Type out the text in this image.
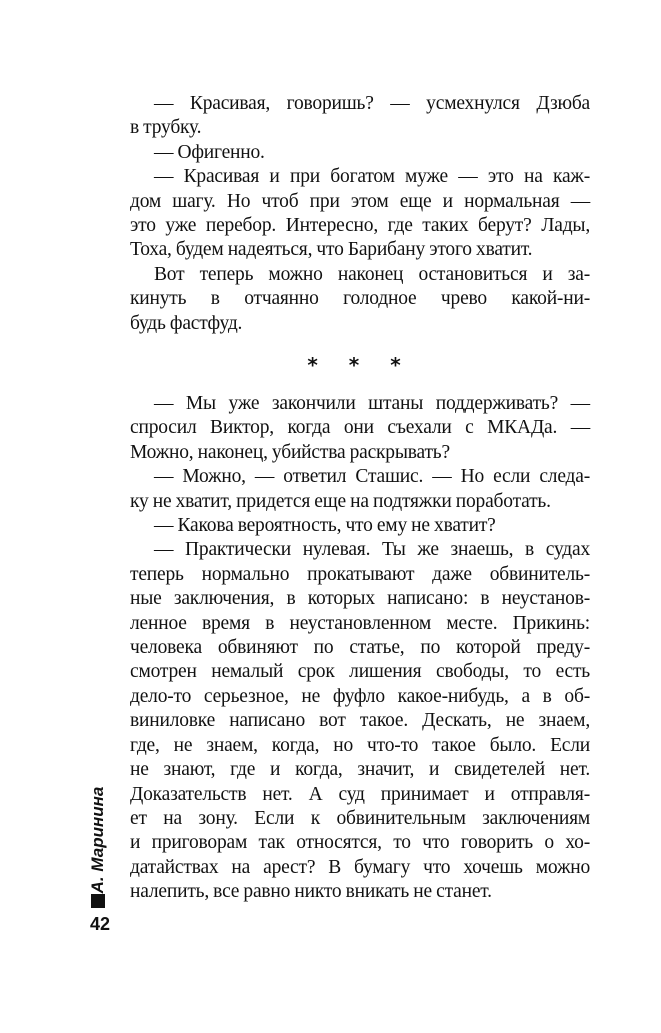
— Красивая, говоришь? — усмехнулся Дзюба
в трубку.
— Офигенно.
— Красивая и при богатом муже — это на каж-
дом шагу. Но чтоб при этом еще и нормальная —
это уже перебор. Интересно, где таких берут? Лады,
Тоха, будем надеяться, что Барибану этого хватит.
Вот теперь можно наконец остановиться и за-
кинуть в отчаянно голодное чрево какой-ни-
будь фастфуд.
* * *
— Мы уже закончили штаны поддерживать? —
спросил Виктор, когда они съехали с МКАДа. —
Можно, наконец, убийства раскрывать?
— Можно, — ответил Сташис. — Но если следа-
ку не хватит, придется еще на подтяжки поработать.
— Какова вероятность, что ему не хватит?
— Практически нулевая. Ты же знаешь, в судах
теперь нормально прокатывают даже обвинитель-
ные заключения, в которых написано: в неустанов-
ленное время в неустановленном месте. Прикинь:
человека обвиняют по статье, по которой преду-
смотрен немалый срок лишения свободы, то есть
дело-то серьезное, не фуфло какое-нибудь, а в об-
виниловке написано вот такое. Дескать, не знаем,
где, не знаем, когда, но что-то такое было. Если
не знают, где и когда, значит, и свидетелей нет.
Доказательств нет. А суд принимает и отправля-
ет на зону. Если к обвинительным заключениям
и приговорам так относятся, то что говорить о хо-
датайствах на арест? В бумагу что хочешь можно
налепить, все равно никто вникать не станет.
А. Маринина
42
